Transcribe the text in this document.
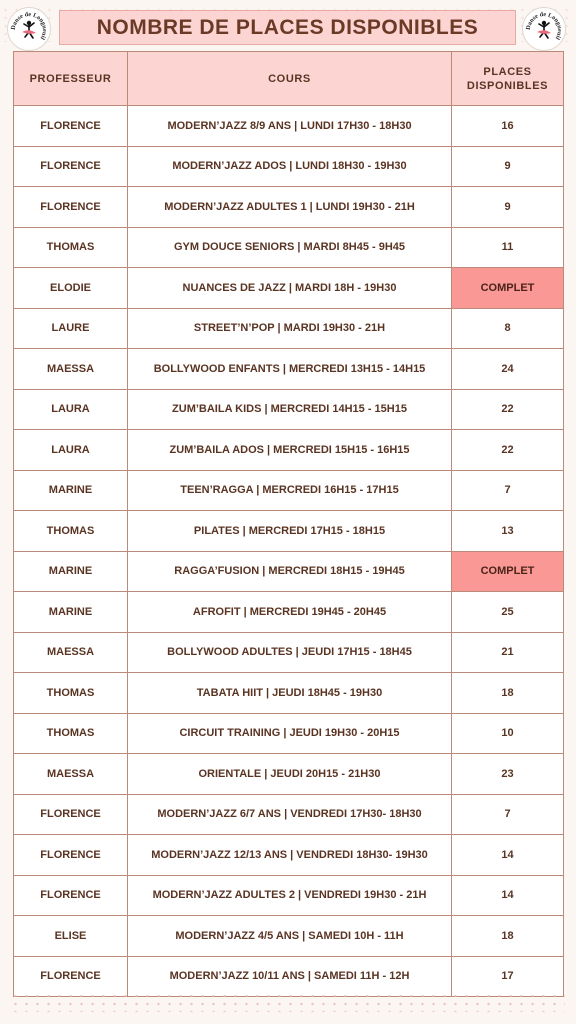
Danse de Longueuil NOMBRE DE PLACES DISPONIBLES	Danse de Longueuil
PROFESSEUR	COURS	PLACES
DISPONIBLES
FLORENCE	MODERN’JAZZ 8/9 ANS | LUNDI 17H30 - 18H30	16
FLORENCE	MODERN’JAZZ ADOS | LUNDI 18H30 - 19H30	9
FLORENCE	MODERN’JAZZ ADULTES 1 | LUNDI 19H30 - 21H	9
THOMAS	GYM DOUCE SENIORS | MARDI 8H45 - 9H45	11
ELODIE	NUANCES DE JAZZ | MARDI 18H - 19H30	COMPLET
LAURE	STREET’N’POP | MARDI 19H30 - 21H	8
MAESSA	BOLLYWOOD ENFANTS | MERCREDI 13H15 - 14H15	24
LAURA	ZUM’BAILA KIDS | MERCREDI 14H15 - 15H15	22
LAURA	ZUM’BAILA ADOS | MERCREDI 15H15 - 16H15	22
MARINE	TEEN’RAGGA | MERCREDI 16H15 - 17H15	7
THOMAS	PILATES | MERCREDI 17H15 - 18H15	13
MARINE	RAGGA’FUSION | MERCREDI 18H15 - 19H45	COMPLET
MARINE	AFROFIT | MERCREDI 19H45 - 20H45	25
MAESSA	BOLLYWOOD ADULTES | JEUDI 17H15 - 18H45	21
THOMAS	TABATA HIIT | JEUDI 18H45 - 19H30	18
THOMAS	CIRCUIT TRAINING | JEUDI 19H30 - 20H15	10
MAESSA	ORIENTALE | JEUDI 20H15 - 21H30	23
FLORENCE	MODERN’JAZZ 6/7 ANS | VENDREDI 17H30- 18H30	7
FLORENCE	MODERN’JAZZ 12/13 ANS | VENDREDI 18H30- 19H30	14
FLORENCE	MODERN’JAZZ ADULTES 2 | VENDREDI 19H30 - 21H	14
ELISE	MODERN’JAZZ 4/5 ANS | SAMEDI 10H - 11H	18
FLORENCE	MODERN’JAZZ 10/11 ANS | SAMEDI 11H - 12H	17
